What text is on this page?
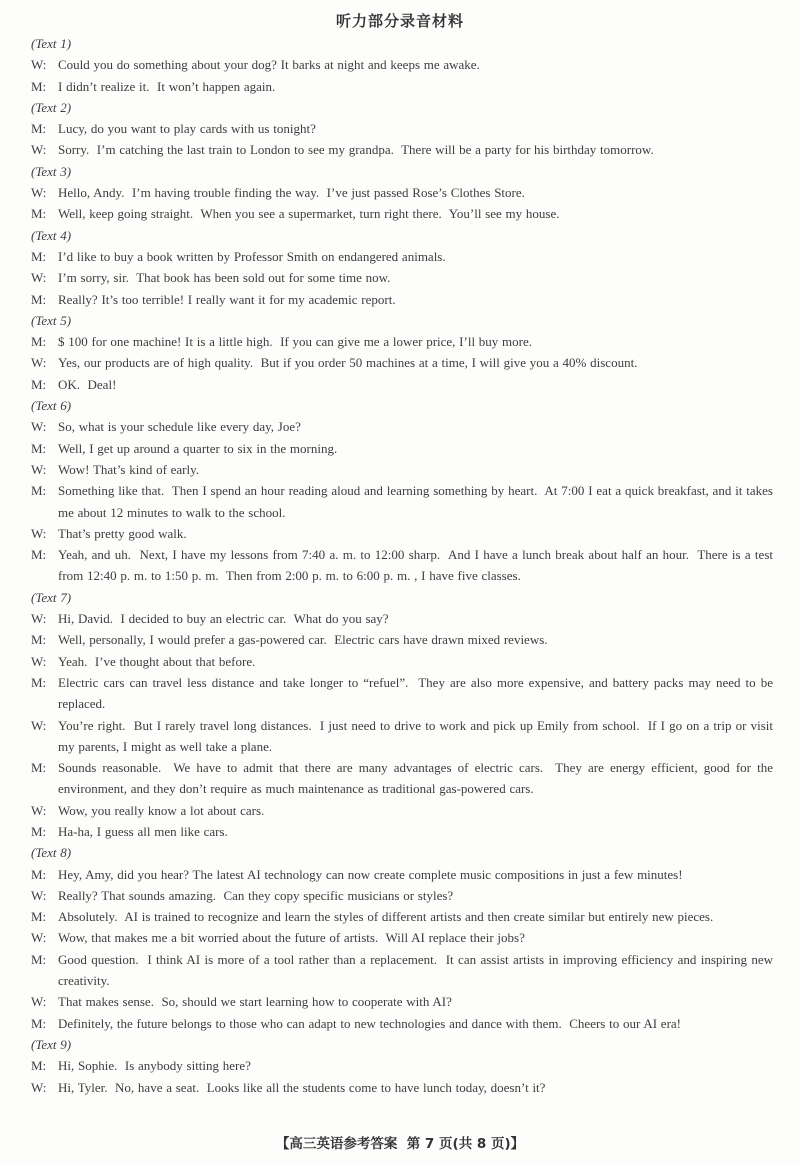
听力部分录音材料
(Text 1)
W: Could you do something about your dog? It barks at night and keeps me awake.
M: I didn’t realize it.  It won’t happen again.
(Text 2)
M: Lucy, do you want to play cards with us tonight?
W: Sorry.  I’m catching the last train to London to see my grandpa.  There will be a party for his birthday tomorrow.
(Text 3)
W: Hello, Andy.  I’m having trouble finding the way.  I’ve just passed Rose’s Clothes Store.
M: Well, keep going straight.  When you see a supermarket, turn right there.  You’ll see my house.
(Text 4)
M: I’d like to buy a book written by Professor Smith on endangered animals.
W: I’m sorry, sir.  That book has been sold out for some time now.
M: Really? It’s too terrible! I really want it for my academic report.
(Text 5)
M: $ 100 for one machine! It is a little high.  If you can give me a lower price, I’ll buy more.
W: Yes, our products are of high quality.  But if you order 50 machines at a time, I will give you a 40% discount.
M: OK.  Deal!
(Text 6)
W: So, what is your schedule like every day, Joe?
M: Well, I get up around a quarter to six in the morning.
W: Wow! That’s kind of early.
M: Something like that.  Then I spend an hour reading aloud and learning something by heart.  At 7:00 I eat a quick breakfast, and it takes me about 12 minutes to walk to the school.
W: That’s pretty good walk.
M: Yeah, and uh.  Next, I have my lessons from 7:40 a. m. to 12:00 sharp.  And I have a lunch break about half an hour.  There is a test from 12:40 p. m. to 1:50 p. m.  Then from 2:00 p. m. to 6:00 p. m. , I have five classes.
(Text 7)
W: Hi, David.  I decided to buy an electric car.  What do you say?
M: Well, personally, I would prefer a gas-powered car.  Electric cars have drawn mixed reviews.
W: Yeah.  I’ve thought about that before.
M: Electric cars can travel less distance and take longer to “refuel”.  They are also more expensive, and battery packs may need to be replaced.
W: You’re right.  But I rarely travel long distances.  I just need to drive to work and pick up Emily from school.  If I go on a trip or visit my parents, I might as well take a plane.
M: Sounds reasonable.  We have to admit that there are many advantages of electric cars.  They are energy efficient, good for the environment, and they don’t require as much maintenance as traditional gas-powered cars.
W: Wow, you really know a lot about cars.
M: Ha-ha, I guess all men like cars.
(Text 8)
M: Hey, Amy, did you hear? The latest AI technology can now create complete music compositions in just a few minutes!
W: Really? That sounds amazing.  Can they copy specific musicians or styles?
M: Absolutely.  AI is trained to recognize and learn the styles of different artists and then create similar but entirely new pieces.
W: Wow, that makes me a bit worried about the future of artists.  Will AI replace their jobs?
M: Good question.  I think AI is more of a tool rather than a replacement.  It can assist artists in improving efficiency and inspiring new creativity.
W: That makes sense.  So, should we start learning how to cooperate with AI?
M: Definitely, the future belongs to those who can adapt to new technologies and dance with them.  Cheers to our AI era!
(Text 9)
M: Hi, Sophie.  Is anybody sitting here?
W: Hi, Tyler.  No, have a seat.  Looks like all the students come to have lunch today, doesn’t it?
【高三英语参考答案  第 7 页(共 8 页)】
